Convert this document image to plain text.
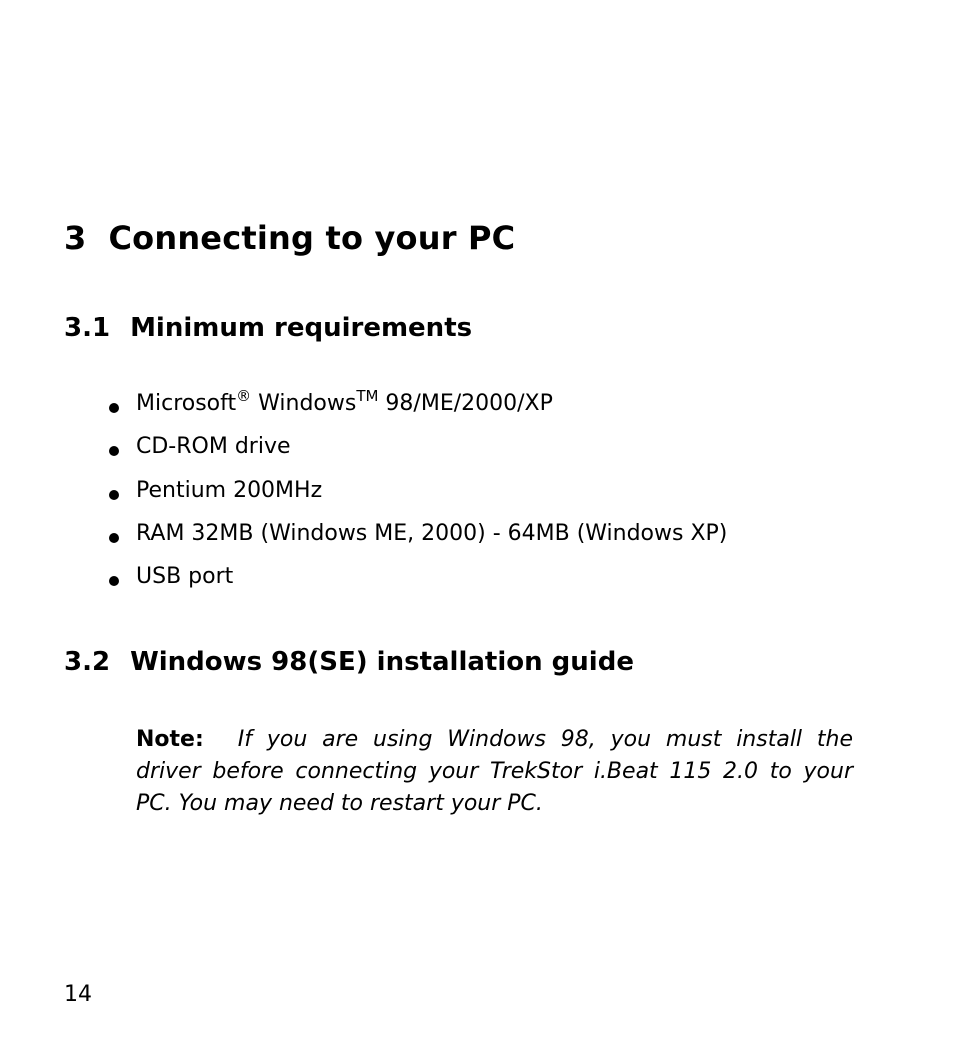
3 Connecting to your PC
3.1 Minimum requirements
Microsoft® Windows™ 98/ME/2000/XP
CD-ROM drive
Pentium 200MHz
RAM 32MB (Windows ME, 2000) - 64MB (Windows XP)
USB port
3.2 Windows 98(SE) installation guide

Note: If you are using Windows 98, you must install the driver before connecting your TrekStor i.Beat 115 2.0 to your PC. You may need to restart your PC.

14
